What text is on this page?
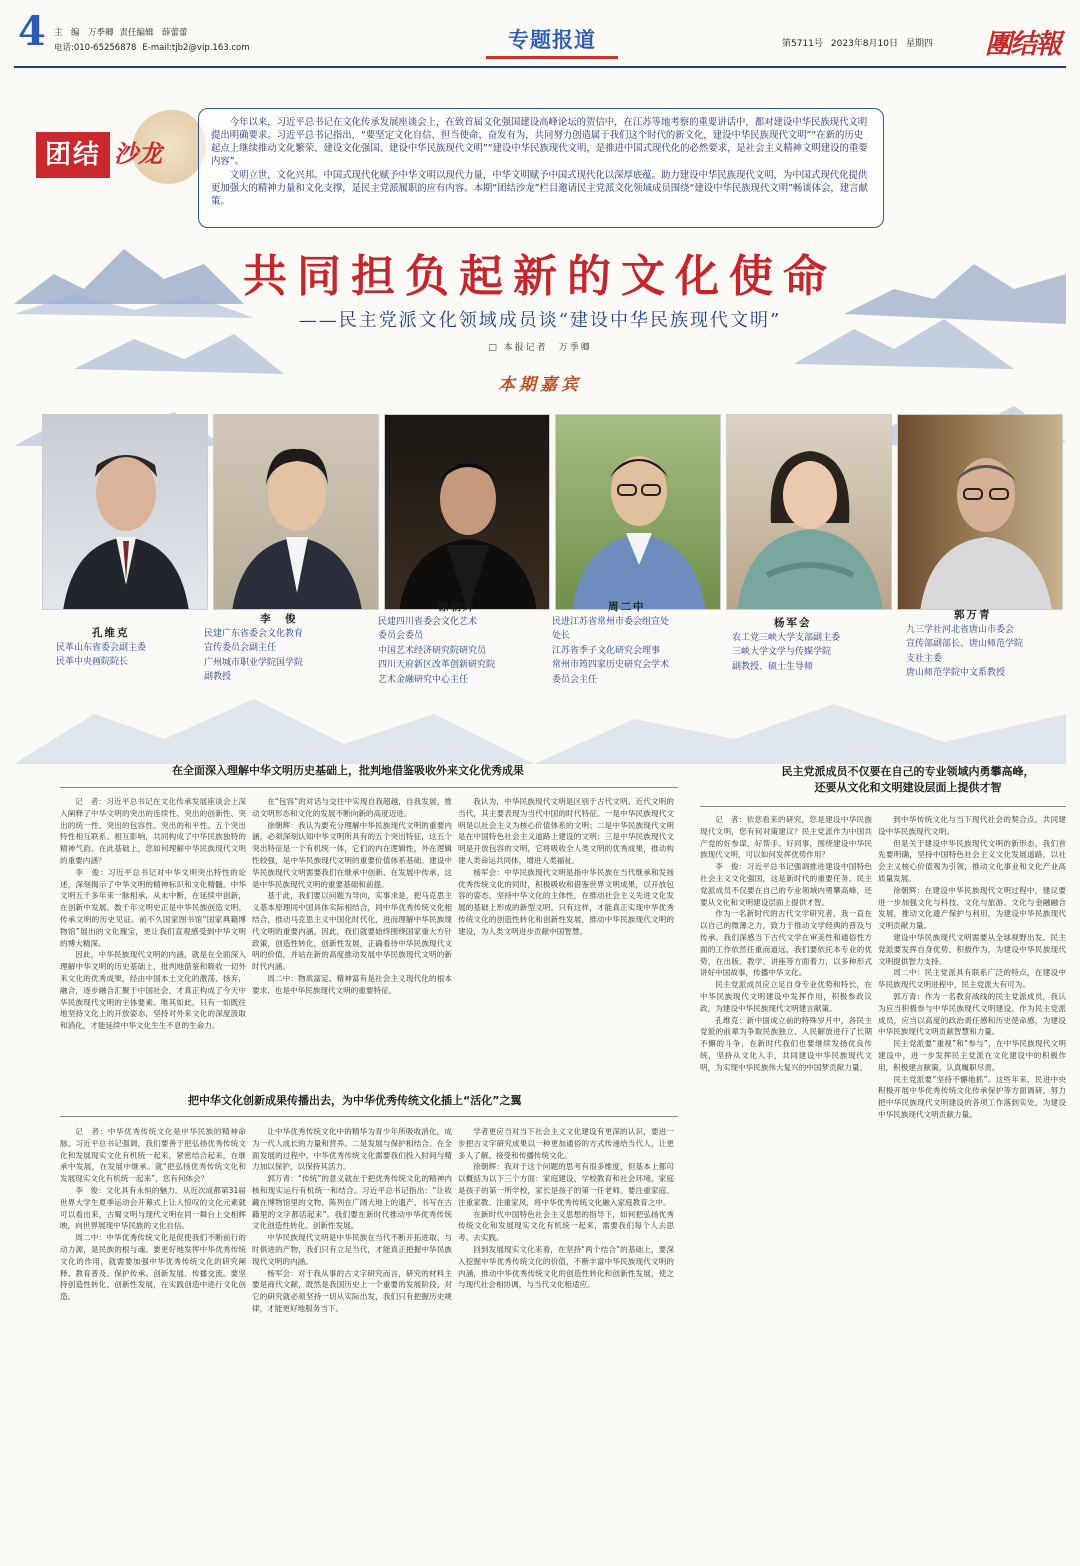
4 主　编　万季卿 责任编辑　薛蕾蕾
电话:010-65256878 E-mail:tjb2@vip.163.com	专题报道	第5711号 2023年8月10日 星期四 團结報
团结 沙龙

今年以来，习近平总书记在文化传承发展座谈会上，在致首届文化强国建设高峰论坛的贺信中，在江苏等地考察的重要讲话中，都对建设中华民族现代文明提出明确要求。习近平总书记指出，“要坚定文化自信、担当使命、奋发有为，共同努力创造属于我们这个时代的新文化，建设中华民族现代文明”“在新的历史起点上继续推动文化繁荣、建设文化强国、建设中华民族现代文明”“建设中华民族现代文明，是推进中国式现代化的必然要求，是社会主义精神文明建设的重要内容”。

文明立世，文化兴邦。中国式现代化赋予中华文明以现代力量，中华文明赋予中国式现代化以深厚底蕴。助力建设中华民族现代文明，为中国式现代化提供更加强大的精神力量和文化支撑，是民主党派履职的应有内容。本期“团结沙龙”栏目邀请民主党派文化领域成员围绕“建设中华民族现代文明”畅谈体会，建言献策。

共同担负起新的文化使命
——民主党派文化领域成员谈“建设中华民族现代文明”
□ 本报记者　万季卿
本期嘉宾
孔维克
民革山东省委会副主委
民革中央画院院长
李　俊
民建广东省委会文化教育
宣传委员会副主任
广州城市职业学院国学院
副教授
徐朝辉
民建四川省委会文化艺术
委员会委员
中国艺术经济研究院研究员
四川天府新区改革创新研究院
艺术金融研究中心主任
周二中
民进江苏省常州市委会组宣处
处长
江苏省季子文化研究会理事
常州市筠四家历史研究会学术
委员会主任
杨军会
农工党三峡大学支部副主委
三峡大学文学与传媒学院
副教授、硕士生导师
郭万青
九三学社河北省唐山市委会
宣传部副部长、唐山师范学院
支社主委
唐山师范学院中文系教授
在全面深入理解中华文明历史基础上，批判地借鉴吸收外来文化优秀成果	民主党派成员不仅要在自己的专业领域内勇攀高峰，
还要从文化和文明建设层面上提供才智
把中华文化创新成果传播出去，为中华优秀传统文化插上“活化”之翼

记　者：习近平总书记在文化传承发展座谈会上深入阐释了中华文明的突出的连续性、突出的创新性、突出的统一性、突出的包容性、突出的和平性。五个突出特性相互联系、相互影响，共同构成了中华民族独特的精神气韵。在此基础上，您如何理解中华民族现代文明的重要内涵？

李　俊：习近平总书记对中华文明突出特性的论述，深刻揭示了中华文明的精神标识和文化精髓。中华文明五千多年来一脉相承，从未中断，在延续中创新，在创新中发展。数千年文明史正是中华民族创造文明、传承文明的历史见证。前不久国家图书馆“国家典籍博物馆”展出的文化瑰宝，更让我们直观感受到中华文明的博大精深。

因此，中华民族现代文明的内涵，就是在全面深入理解中华文明的历史基础上，批判地借鉴和吸收一切外来文化的优秀成果，经由中国本土文化的激荡、扬弃，融合，逐步融合汇聚于中国社会，才真正构成了今天中华民族现代文明的主体要素。唯其如此，只有一如既往地坚持文化上的开放姿态，坚持对外来文化的深度汲取和消化，才能延续中华文化生生不息的生命力。

在“包容”的对话与交往中实现自我超越，自我发展，推动文明形态和文化的发展不断向新的高度迈进。

徐朝辉：我认为要充分理解中华民族现代文明的重要内涵，必须深刻认知中华文明所具有的五个突出特征，这五个突出特征是一个有机统一体，它们的内在逻辑性，外在逻辑性较强，是中华民族现代文明的重要价值体系基础。建设中华民族现代文明需要我们在继承中创新、在发展中传承，这是中华民族现代文明的重要基础和前提。

基于此，我们要以问题为导向，实事求是，把马克思主义基本原理同中国具体实际相结合，同中华优秀传统文化相结合，推动马克思主义中国化时代化，进而理解中华民族现代文明的重要内涵。因此，我们就要始终围绕国家重大方针政策，创造性转化，创新性发展，正确看待中华民族现代文明的价值，并站在新的高度推动发展中华民族现代文明的新时代内涵。

周二中：物质富足、精神富有是社会主义现代化的根本要求，也是中华民族现代文明的重要特征。

我认为，中华民族现代文明是区别于古代文明、近代文明的当代，其主要表现为当代中国的时代特征。一是中华民族现代文明是以社会主义为核心价值体系的文明；二是中华民族现代文明是在中国特色社会主义道路上建设的文明；三是中华民族现代文明是开放包容的文明，它将吸收全人类文明的优秀成果，推动构建人类命运共同体，增进人类福祉。

杨军会：中华民族现代文明是指中华民族在当代继承和发扬优秀传统文化的同时，积极吸收和借鉴世界文明成果，以开放包容的姿态，坚持中华文化的主体性，在推动社会主义先进文化发展的基础上形成的新型文明。只有这样，才能真正实现中华优秀传统文化的创造性转化和创新性发展，推动中华民族现代文明的建设，为人类文明进步贡献中国智慧。

记　者：依您看来的研究，您是建设中华民族现代文明，您有何对策建议？民主党派作为中国共产党的好参谋、好帮手、好同事，围绕建设中华民族现代文明，可以如何发挥优势作用？

李　俊：习近平总书记强调推进建设中国特色社会主义文化强国，这是新时代的重要任务。民主党派成员不仅要在自己的专业领域内勇攀高峰，还要从文化和文明建设层面上提供才智。

作为一名新时代的古代文学研究者，我一直在以自己的微薄之力，致力于推动文学经典的普及与传承。我们深感当下古代文学在审美性和通俗性方面的工作依然任重而道远，我们要依托本专业的优势，在出版、教学、讲座等方面着力，以多种形式讲好中国故事，传播中华文化。

民主党派成员应立足自身专业优势和特长，在中华民族现代文明建设中发挥作用，积极参政议政，为建设中华民族现代文明建言献策。

孔维克：新中国成立前的特殊岁月中，各民主党派的前辈为争取民族独立、人民解放进行了长期不懈的斗争，在新时代我们也要继续发扬优良传统，坚持从文化入手，共同建设中华民族现代文明，为实现中华民族伟大复兴的中国梦贡献力量。

到中华传统文化与当下现代社会的契合点，共同建设中华民族现代文明。

但是关于建设中华民族现代文明的新形态，我们首先要明确，坚持中国特色社会主义文化发展道路，以社会主义核心价值观为引领，推动文化事业和文化产业高质量发展。

徐朝辉：在建设中华民族现代文明过程中，建议要进一步加强文化与科技、文化与旅游、文化与金融融合发展，推动文化遗产保护与利用，为建设中华民族现代文明贡献力量。

建设中华民族现代文明需要从全球视野出发。民主党派要发挥自身优势，积极作为，为建设中华民族现代文明提供智力支持。

周二中：民主党派具有联系广泛的特点，在建设中华民族现代文明进程中，民主党派大有可为。

郭万青：作为一名教育战线的民主党派成员，我认为应当积极参与中华民族现代文明建设。作为民主党派成员，应当以高度的政治责任感和历史使命感，为建设中华民族现代文明贡献智慧和力量。

民主党派要“重视”和“参与”，在中华民族现代文明建设中，进一步发挥民主党派在文化建设中的积极作用，积极建言献策，认真履职尽责。

民主党派要“坚持不懈地抓”。这些年来，民进中央积极开展中华优秀传统文化传承保护等方面调研，努力把中华民族现代文明建设的各项工作落到实处，为建设中华民族现代文明贡献力量。

记　者：中华优秀传统文化是中华民族的精神命脉。习近平总书记强调，我们要善于把弘扬优秀传统文化和发展现实文化有机统一起来，紧密结合起来，在继承中发展，在发展中继承。就“把弘扬优秀传统文化和发展现实文化有机统一起来”，您有何体会？

李　俊：文化具有永恒的魅力。从近次成都第31届世界大学生夏季运动会开幕式上让人惊叹的文化元素就可以看出来，古蜀文明与现代文明在同一舞台上交相辉映，向世界展现中华民族的文化自信。

周二中：中华优秀传统文化是促使我们不断前行的动力源，是民族的根与魂。要更好地发挥中华优秀传统文化的作用，就需要加强中华优秀传统文化的研究阐释、教育普及、保护传承、创新发展、传播交流。要坚持创造性转化、创新性发展，在实践创造中进行文化创造。

让中华优秀传统文化中的精华为青少年所吸收消化，成为一代人成长的力量和营养。二是发展与保护相结合。在全面发展的过程中，中华优秀传统文化需要我们投入时间与精力加以保护，以保持其活力。

郭万青：“传统”的意义就在于把优秀传统文化的精神内核和现实运行有机统一和结合。习近平总书记指出：“让收藏在博物馆里的文物、陈列在广阔大地上的遗产、书写在古籍里的文字都活起来”。我们要在新时代推动中华优秀传统文化创造性转化、创新性发展。

中华民族现代文明是中华民族在当代不断开拓进取、与时俱进的产物，我们只有立足当代，才能真正把握中华民族现代文明的内涵。

杨军会：对于我从事的古文字研究而言，研究的材料主要是商代文献，既然是我国历史上一个重要的发展阶段，对它的研究就必须坚持一切从实际出发，我们只有把握历史规律，才能更好地服务当下。

学者更应当对当下社会主义文化建设有更深的认识，要进一步把古文字研究成果以一种更加通俗的方式传递给当代人，让更多人了解、接受和传播传统文化。

徐朝辉：我对于这个问题的思考有很多维度，但基本上都可以概括为以下三个方面：家庭建设、学校教育和社会环境。家庭是孩子的第一所学校，家长是孩子的第一任老师。要注重家庭、注重家教、注重家风，将中华优秀传统文化融入家庭教育之中。

在新时代中国特色社会主义思想的指导下，如何把弘扬优秀传统文化和发展现实文化有机统一起来，需要我们每个人去思考、去实践。

回到发展现实文化来看，在坚持“两个结合”的基础上，要深入挖掘中华优秀传统文化的价值，不断丰富中华民族现代文明的内涵，推动中华优秀传统文化的创造性转化和创新性发展，使之与现代社会相协调，与当代文化相适应。
